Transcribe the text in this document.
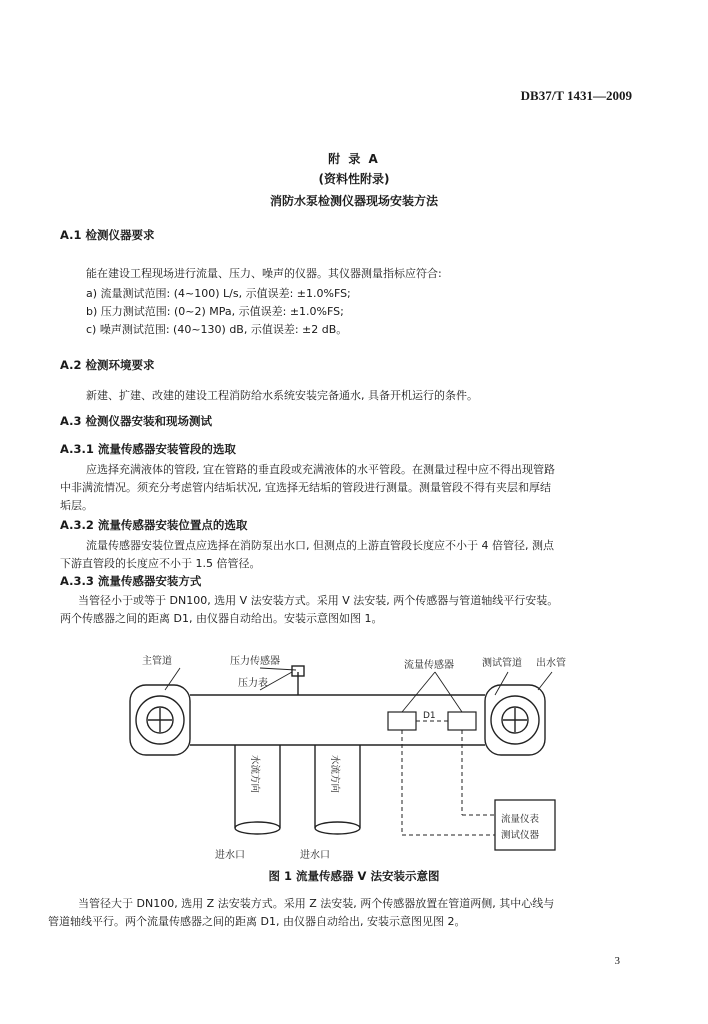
DB37/T 1431—2009
附 录 A
(资料性附录)
消防水泵检测仪器现场安装方法
A.1 检测仪器要求
能在建设工程现场进行流量、压力、噪声的仪器。其仪器测量指标应符合:
a) 流量测试范围: (4~100) L/s, 示值误差: ±1.0%FS;
b) 压力测试范围: (0~2) MPa, 示值误差: ±1.0%FS;
c) 噪声测试范围: (40~130) dB, 示值误差: ±2 dB。
A.2 检测环境要求
新建、扩建、改建的建设工程消防给水系统安装完备通水, 具备开机运行的条件。
A.3 检测仪器安装和现场测试
A.3.1 流量传感器安装管段的选取
应选择充满液体的管段, 宜在管路的垂直段或充满液体的水平管段。在测量过程中应不得出现管路
中非满流情况。须充分考虑管内结垢状况, 宜选择无结垢的管段进行测量。测量管段不得有夹层和厚结
垢层。
A.3.2 流量传感器安装位置点的选取
流量传感器安装位置点应选择在消防泵出水口, 但测点的上游直管段长度应不小于 4 倍管径, 测点
下游直管段的长度应不小于 1.5 倍管径。
A.3.3 流量传感器安装方式
当管径小于或等于 DN100, 选用 V 法安装方式。采用 V 法安装, 两个传感器与管道轴线平行安装。
两个传感器之间的距离 D1, 由仪器自动给出。安装示意图如图 1。
主管道	压力传感器
压力表
流量传感器	测试管道 出水管
D1
流量仪表
测试仪器
进水口	进水口
水流方向	水流方向
图 1 流量传感器 V 法安装示意图
当管径大于 DN100, 选用 Z 法安装方式。采用 Z 法安装, 两个传感器放置在管道两侧, 其中心线与
管道轴线平行。两个流量传感器之间的距离 D1, 由仪器自动给出, 安装示意图见图 2。
3
